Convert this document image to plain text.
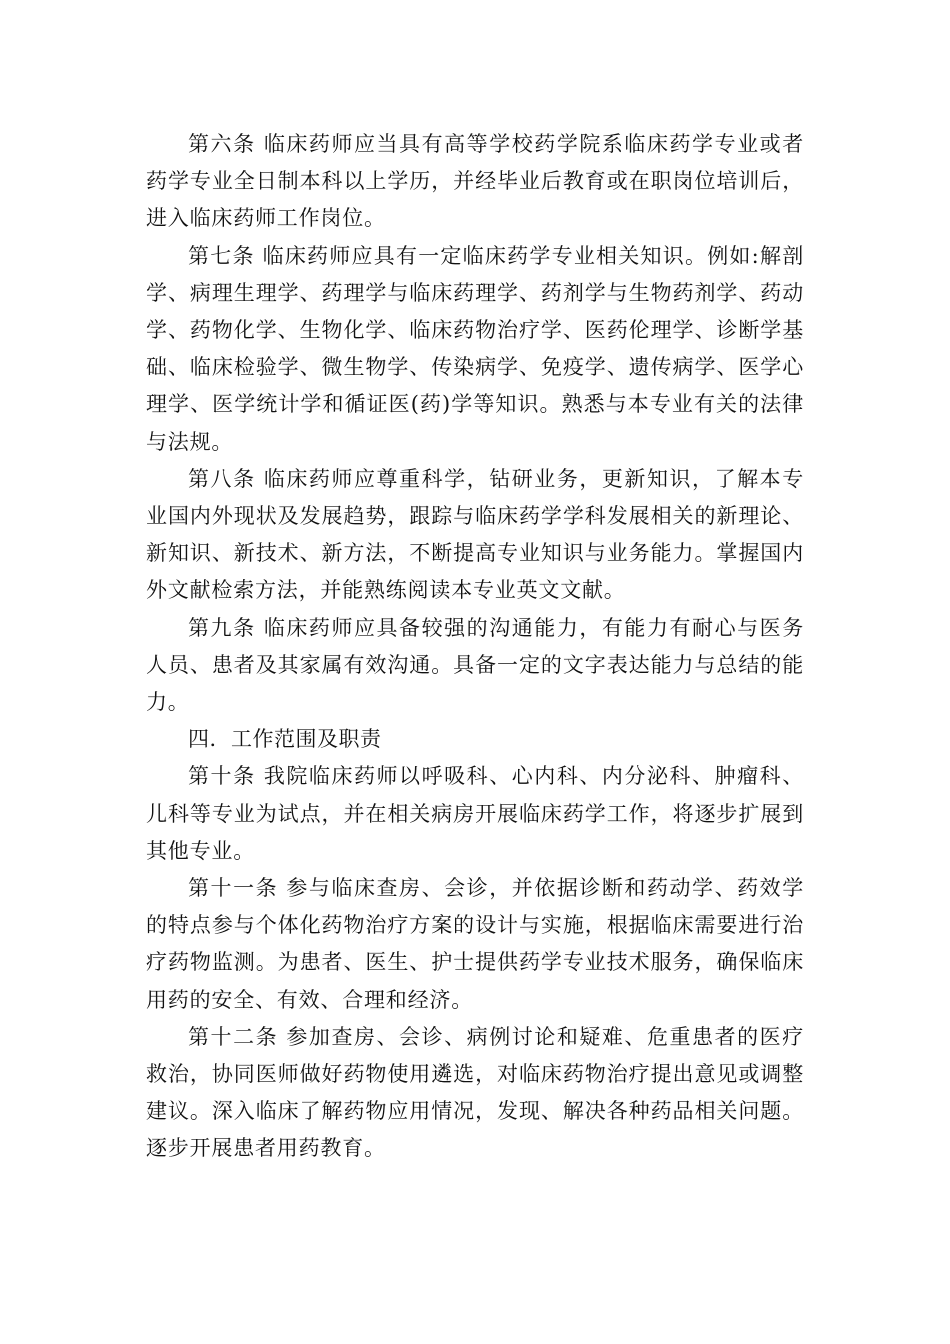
第六条 临床药师应当具有高等学校药学院系临床药学专业或者药学专业全日制本科以上学历，并经毕业后教育或在职岗位培训后，进入临床药师工作岗位。

第七条 临床药师应具有一定临床药学专业相关知识。例如:解剖学、病理生理学、药理学与临床药理学、药剂学与生物药剂学、药动学、药物化学、生物化学、临床药物治疗学、医药伦理学、诊断学基础、临床检验学、微生物学、传染病学、免疫学、遗传病学、医学心理学、医学统计学和循证医(药)学等知识。熟悉与本专业有关的法律与法规。

第八条 临床药师应尊重科学，钻研业务，更新知识，了解本专业国内外现状及发展趋势，跟踪与临床药学学科发展相关的新理论、新知识、新技术、新方法，不断提高专业知识与业务能力。掌握国内外文献检索方法，并能熟练阅读本专业英文文献。

第九条 临床药师应具备较强的沟通能力，有能力有耐心与医务人员、患者及其家属有效沟通。具备一定的文字表达能力与总结的能力。

四．工作范围及职责

第十条 我院临床药师以呼吸科、心内科、内分泌科、肿瘤科、儿科等专业为试点，并在相关病房开展临床药学工作，将逐步扩展到其他专业。

第十一条 参与临床查房、会诊，并依据诊断和药动学、药效学的特点参与个体化药物治疗方案的设计与实施，根据临床需要进行治疗药物监测。为患者、医生、护士提供药学专业技术服务，确保临床用药的安全、有效、合理和经济。

第十二条 参加查房、会诊、病例讨论和疑难、危重患者的医疗救治，协同医师做好药物使用遴选，对临床药物治疗提出意见或调整建议。深入临床了解药物应用情况，发现、解决各种药品相关问题。逐步开展患者用药教育。
